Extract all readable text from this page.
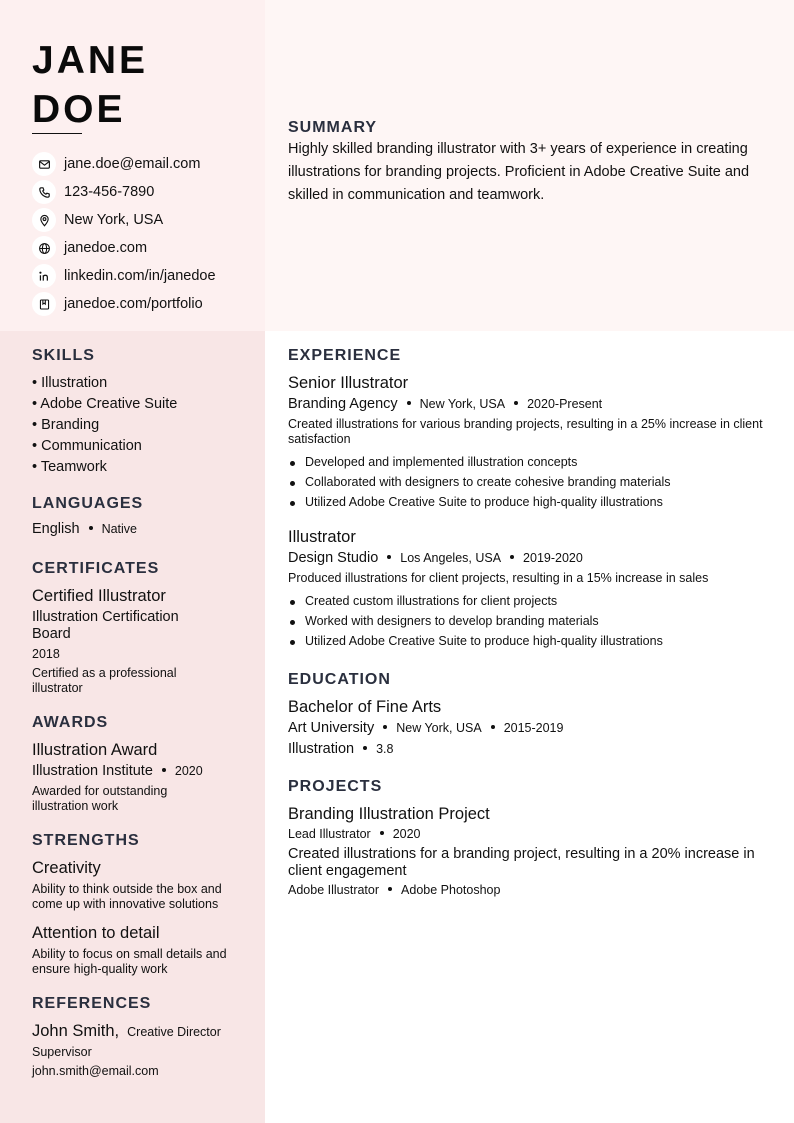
JANE
DOE
jane.doe@email.com
123-456-7890
New York, USA
janedoe.com
linkedin.com/in/janedoe
janedoe.com/portfolio
SUMMARY

Highly skilled branding illustrator with 3+ years of experience in creating illustrations for branding projects. Proficient in Adobe Creative Suite and skilled in communication and teamwork.

SKILLS
• Illustration
• Adobe Creative Suite
• Branding
• Communication
• Teamwork
LANGUAGES
English Native
CERTIFICATES
Certified Illustrator
Illustration Certification Board
2018
Certified as a professional illustrator
AWARDS
Illustration Award
Illustration Institute 2020
Awarded for outstanding illustration work
STRENGTHS
Creativity
Ability to think outside the box and come up with innovative solutions
Attention to detail
Ability to focus on small details and ensure high-quality work
REFERENCES
John Smith, Creative Director
Supervisor
john.smith@email.com
EXPERIENCE
Senior Illustrator
Branding Agency New York, USA 2020-Present
Created illustrations for various branding projects, resulting in a 25% increase in client satisfaction
Developed and implemented illustration concepts
Collaborated with designers to create cohesive branding materials
Utilized Adobe Creative Suite to produce high-quality illustrations
Illustrator
Design Studio Los Angeles, USA 2019-2020
Produced illustrations for client projects, resulting in a 15% increase in sales
Created custom illustrations for client projects
Worked with designers to develop branding materials
Utilized Adobe Creative Suite to produce high-quality illustrations
EDUCATION
Bachelor of Fine Arts
Art University New York, USA 2015-2019
Illustration 3.8
PROJECTS
Branding Illustration Project
Lead Illustrator 2020
Created illustrations for a branding project, resulting in a 20% increase in client engagement
Adobe Illustrator Adobe Photoshop
